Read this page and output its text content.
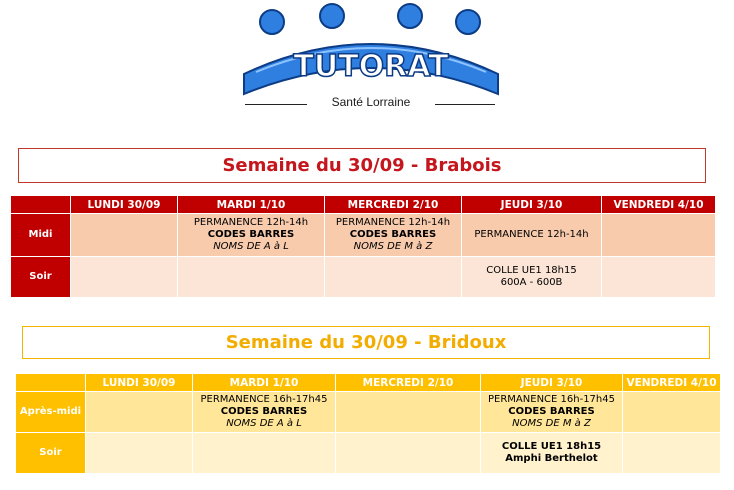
TUTORAT
Santé Lorraine
Semaine du 30/09 - Brabois
	LUNDI 30/09	MARDI 1/10	MERCREDI 2/10	JEUDI 3/10	VENDREDI 4/10
Midi		PERMANENCE 12h-14h
CODES BARRES
NOMS DE A à L	PERMANENCE 12h-14h
CODES BARRES
NOMS DE M à Z	PERMANENCE 12h-14h	

Soir				COLLE UE1 18h15
600A - 600B	

Semaine du 30/09 - Bridoux
	LUNDI 30/09	MARDI 1/10	MERCREDI 2/10	JEUDI 3/10	VENDREDI 4/10
Après-midi		PERMANENCE 16h-17h45
CODES BARRES
NOMS DE A à L		PERMANENCE 16h-17h45
CODES BARRES
NOMS DE M à Z	

Soir				COLLE UE1 18h15
Amphi Berthelot	
